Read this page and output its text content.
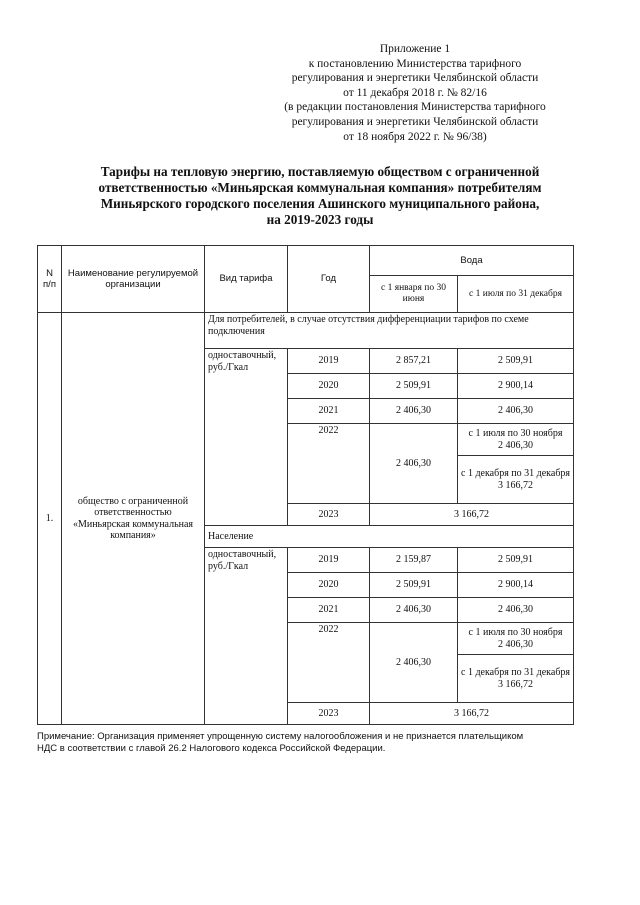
Приложение 1
к постановлению Министерства тарифного
регулирования и энергетики Челябинской области
от 11 декабря 2018 г. № 82/16
(в редакции постановления Министерства тарифного
регулирования и энергетики Челябинской области
от 18 ноября 2022 г. № 96/38)
Тарифы на тепловую энергию, поставляемую обществом с ограниченной
ответственностью «Миньярская коммунальная компания» потребителям
Миньярского городского поселения Ашинского муниципального района,
на 2019-2023 годы
N п/п	Наименование регулируемой организации	Вид тарифа	Год	Вода	
				с 1 января по 30 июня	с 1 июля по 31 декабря
1.	общество с ограниченной ответственностью «Миньярская коммунальная компания»	Для потребителей, в случае отсутствия дифференциации тарифов по схеме подключения			
		одноставочный, руб./Гкал	2019	2 857,21	2 509,91
			2020	2 509,91	2 900,14
			2021	2 406,30	2 406,30
			2022	2 406,30	с 1 июля по 30 ноября
2 406,30

					с 1 декабря по 31 декабря
3 166,72

			2023	3 166,72	
		Население			
		одноставочный, руб./Гкал	2019	2 159,87	2 509,91
			2020	2 509,91	2 900,14
			2021	2 406,30	2 406,30
			2022	2 406,30	с 1 июля по 30 ноября
2 406,30

					с 1 декабря по 31 декабря
3 166,72

			2023	3 166,72	
Примечание: Организация применяет упрощенную систему налогообложения и не признается плательщиком
НДС в соответствии с главой 26.2 Налогового кодекса Российской Федерации.
